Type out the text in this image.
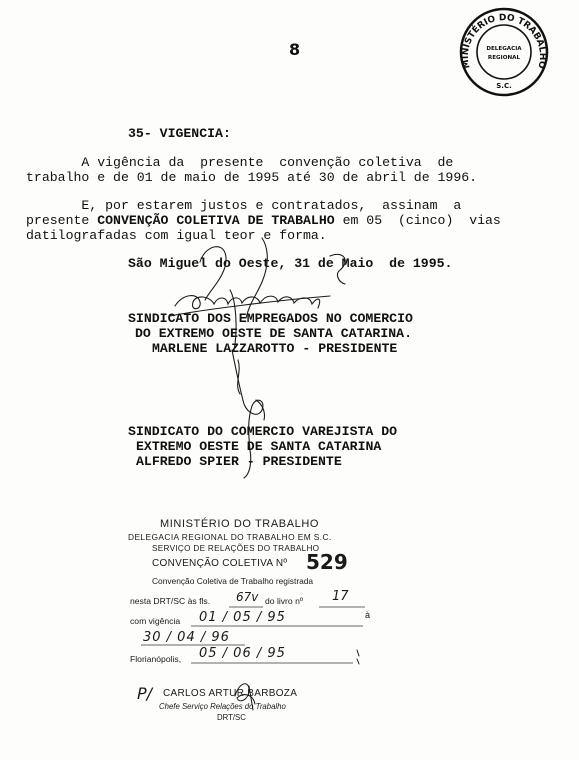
8
MINISTÉRIO DO TRABALHO
DELEGACIA
REGIONAL
S.C.
35- VIGENCIA:
A vigência da  presente  convenção coletiva  de
trabalho e de 01 de maio de 1995 até 30 de abril de 1996.
E, por estarem justos e contratados,  assinam  a
presente CONVENÇÃO COLETIVA DE TRABALHO em 05  (cinco)  vias
datilografadas com igual teor e forma.
São Miguel do Oeste, 31 de Maio  de 1995.
SINDICATO DOS EMPREGADOS NO COMERCIO
DO EXTREMO OESTE DE SANTA CATARINA.
MARLENE LAZZAROTTO - PRESIDENTE
SINDICATO DO COMERCIO VAREJISTA DO
EXTREMO OESTE DE SANTA CATARINA
ALFREDO SPIER - PRESIDENTE
MINISTÉRIO DO TRABALHO
DELEGACIA REGIONAL DO TRABALHO EM S.C.
SERVIÇO DE RELAÇÕES DO TRABALHO
CONVENÇÃO COLETIVA Nº 529
Convenção Coletiva de Trabalho registrada
nesta DRT/SC às fls. 67v do livro nº 17
com vigência 01 / 05 / 95	à
30 / 04 / 96
Florianópolis, 05 / 06 / 95
P/ CARLOS ARTUR BARBOZA
Chefe Serviço Relações do Trabalho
DRT/SC
